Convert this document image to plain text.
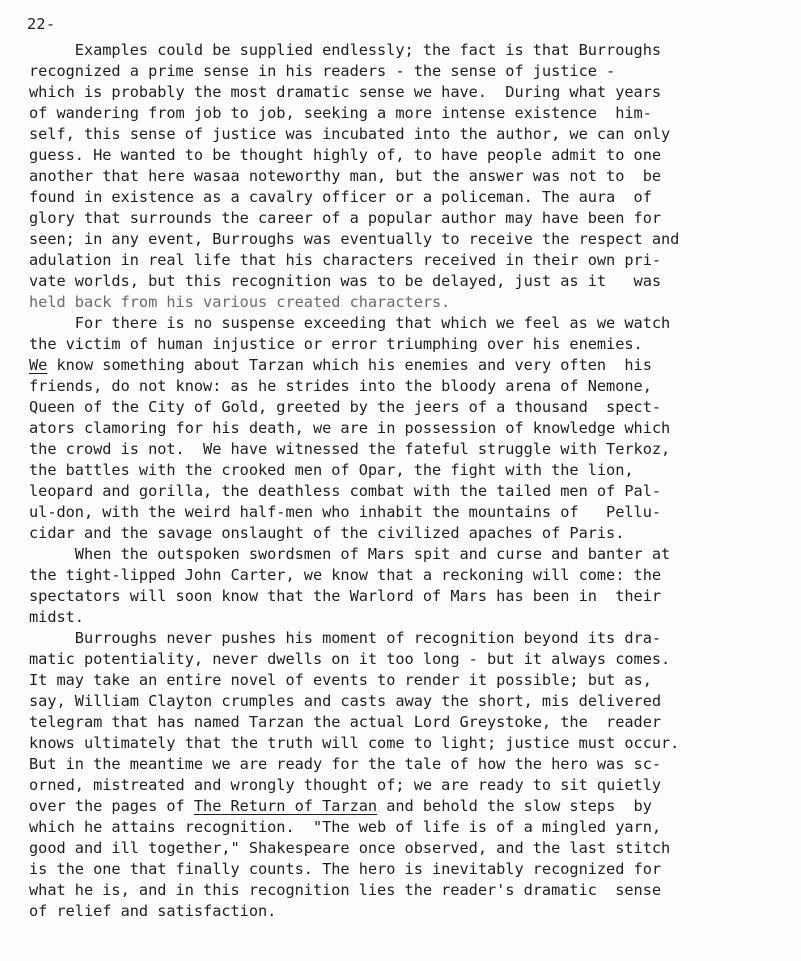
22-
Examples could be supplied endlessly; the fact is that Burroughs
recognized a prime sense in his readers - the sense of justice -
which is probably the most dramatic sense we have.  During what years
of wandering from job to job, seeking a more intense existence  him-
self, this sense of justice was incubated into the author, we can only
guess. He wanted to be thought highly of, to have people admit to one
another that here wasaa noteworthy man, but the answer was not to  be
found in existence as a cavalry officer or a policeman. The aura  of
glory that surrounds the career of a popular author may have been for
seen; in any event, Burroughs was eventually to receive the respect and
adulation in real life that his characters received in their own pri-
vate worlds, but this recognition was to be delayed, just as it   was
held back from his various created characters.
For there is no suspense exceeding that which we feel as we watch
the victim of human injustice or error triumphing over his enemies.
We know something about Tarzan which his enemies and very often  his
friends, do not know: as he strides into the bloody arena of Nemone,
Queen of the City of Gold, greeted by the jeers of a thousand  spect-
ators clamoring for his death, we are in possession of knowledge which
the crowd is not.  We have witnessed the fateful struggle with Terkoz,
the battles with the crooked men of Opar, the fight with the lion,
leopard and gorilla, the deathless combat with the tailed men of Pal-
ul-don, with the weird half-men who inhabit the mountains of   Pellu-
cidar and the savage onslaught of the civilized apaches of Paris.
When the outspoken swordsmen of Mars spit and curse and banter at
the tight-lipped John Carter, we know that a reckoning will come: the
spectators will soon know that the Warlord of Mars has been in  their
midst.
Burroughs never pushes his moment of recognition beyond its dra-
matic potentiality, never dwells on it too long - but it always comes.
It may take an entire novel of events to render it possible; but as,
say, William Clayton crumples and casts away the short, mis delivered
telegram that has named Tarzan the actual Lord Greystoke, the  reader
knows ultimately that the truth will come to light; justice must occur.
But in the meantime we are ready for the tale of how the hero was sc-
orned, mistreated and wrongly thought of; we are ready to sit quietly
over the pages of The Return of Tarzan and behold the slow steps  by
which he attains recognition.  "The web of life is of a mingled yarn,
good and ill together," Shakespeare once observed, and the last stitch
is the one that finally counts. The hero is inevitably recognized for
what he is, and in this recognition lies the reader's dramatic  sense
of relief and satisfaction.
